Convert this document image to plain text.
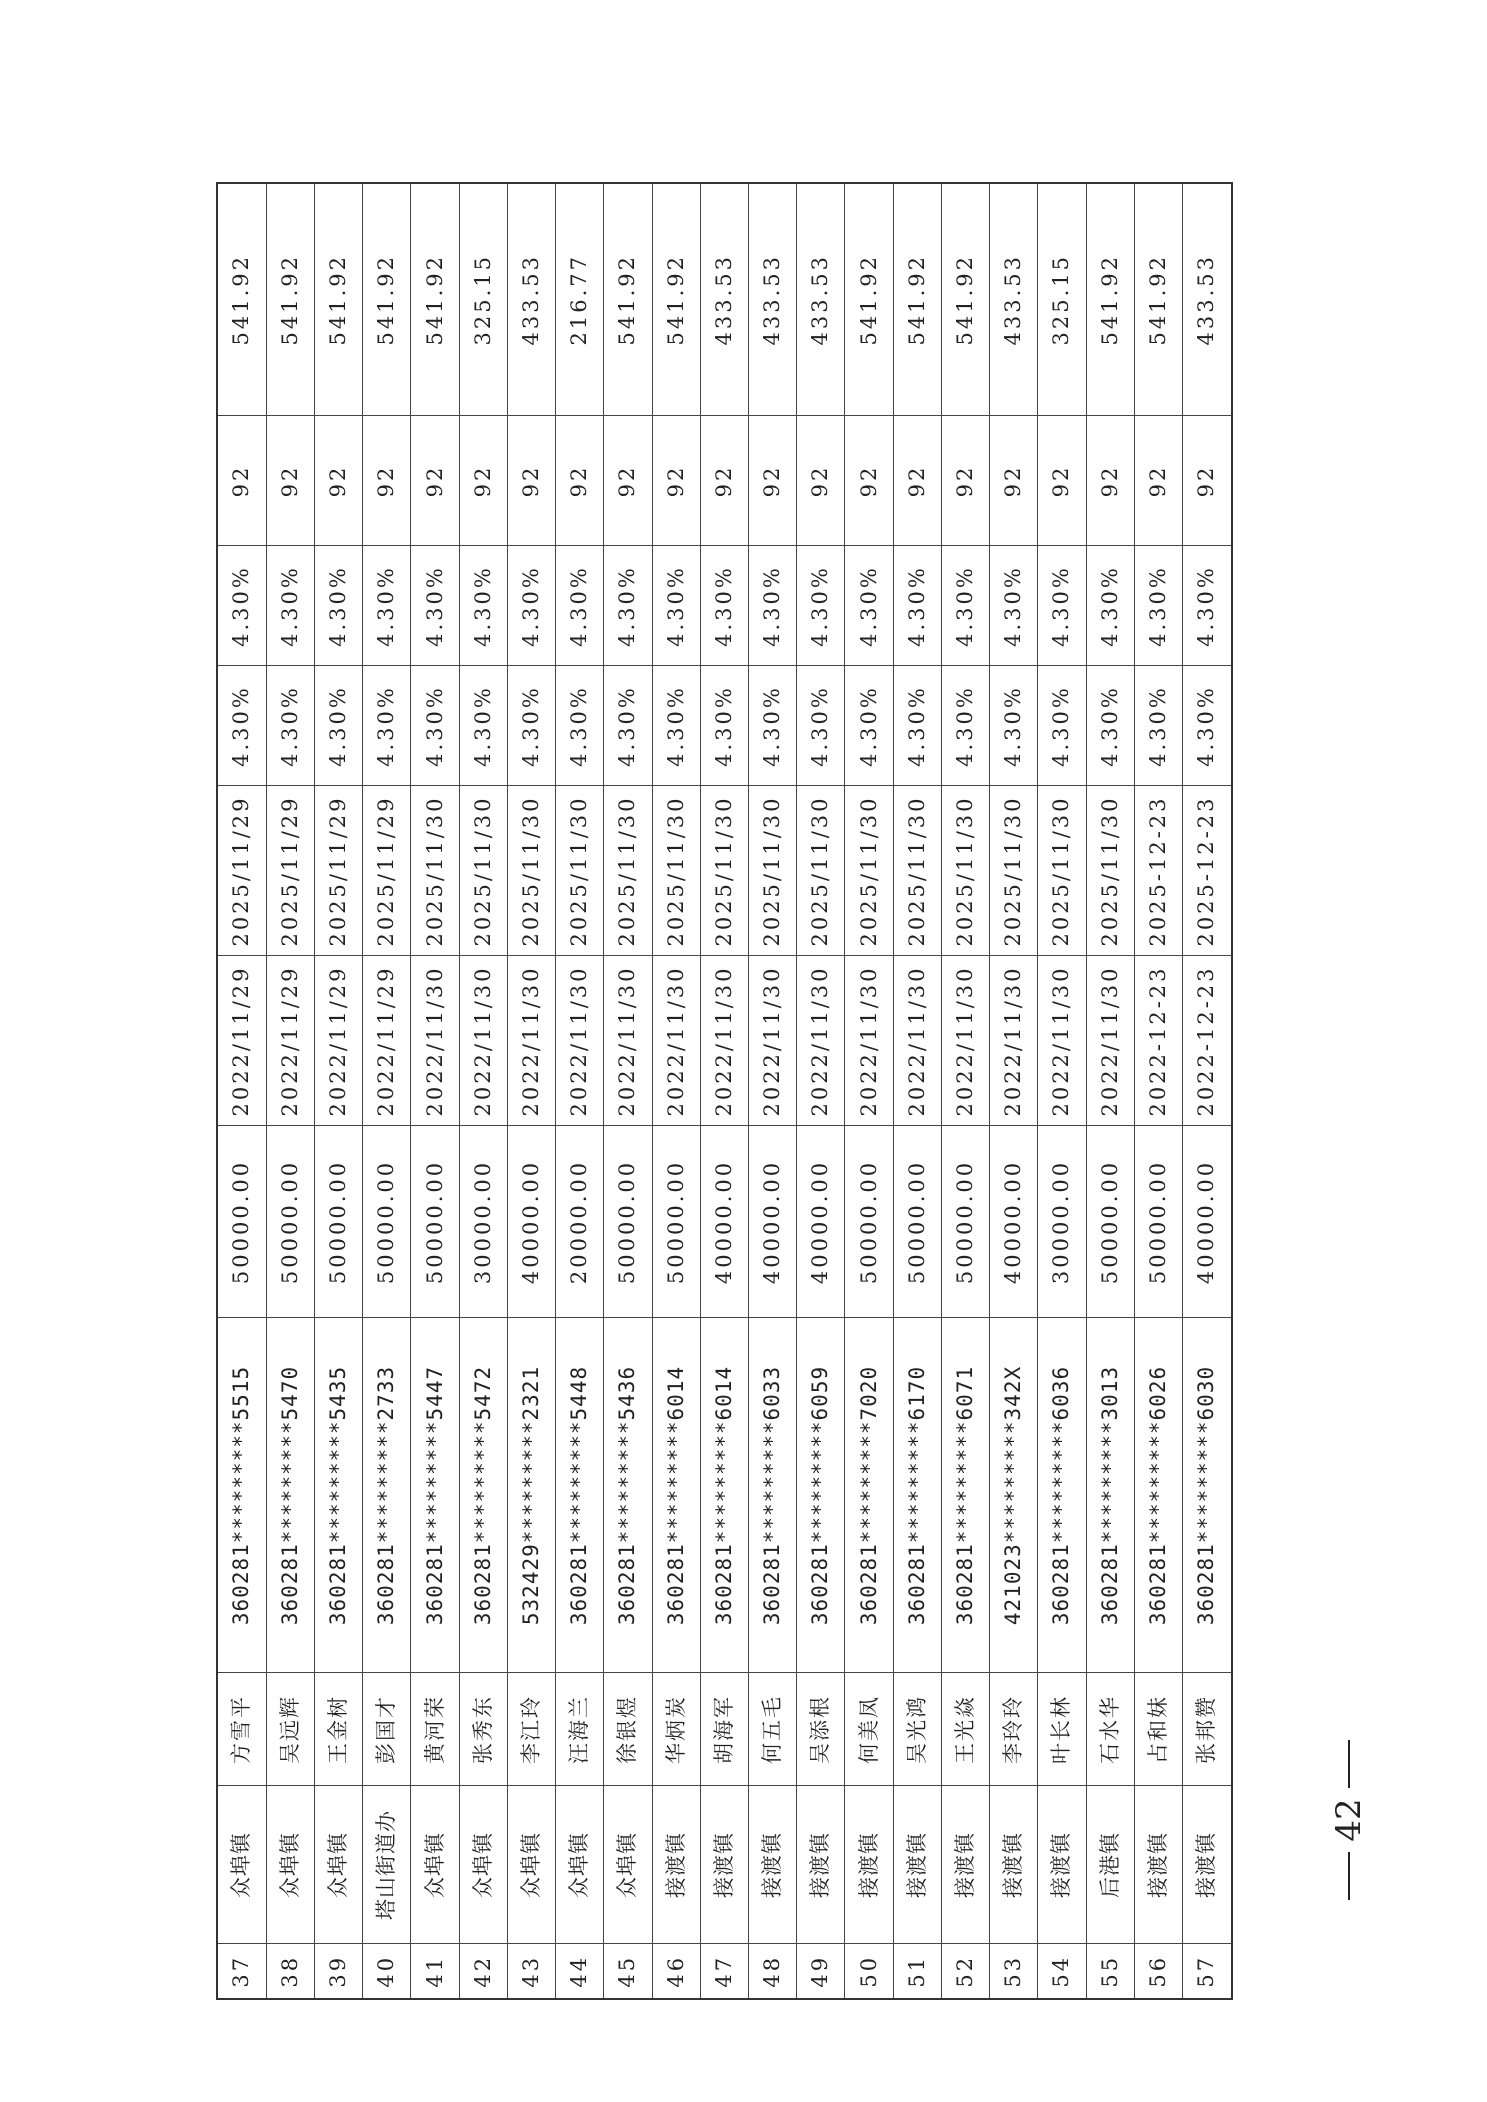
37	众埠镇	方雪平	360281*********5515	50000.00	2022/11/29	2025/11/29	4.30%	4.30%	92	541.92
38	众埠镇	吴远辉	360281*********5470	50000.00	2022/11/29	2025/11/29	4.30%	4.30%	92	541.92
39	众埠镇	王金树	360281*********5435	50000.00	2022/11/29	2025/11/29	4.30%	4.30%	92	541.92
40	塔山街道办	彭国才	360281*********2733	50000.00	2022/11/29	2025/11/29	4.30%	4.30%	92	541.92
41	众埠镇	黄河荣	360281*********5447	50000.00	2022/11/30	2025/11/30	4.30%	4.30%	92	541.92
42	众埠镇	张秀东	360281*********5472	30000.00	2022/11/30	2025/11/30	4.30%	4.30%	92	325.15
43	众埠镇	李江玲	532429*********2321	40000.00	2022/11/30	2025/11/30	4.30%	4.30%	92	433.53
44	众埠镇	汪海兰	360281*********5448	20000.00	2022/11/30	2025/11/30	4.30%	4.30%	92	216.77
45	众埠镇	徐银煜	360281*********5436	50000.00	2022/11/30	2025/11/30	4.30%	4.30%	92	541.92
46	接渡镇	华炳炭	360281*********6014	50000.00	2022/11/30	2025/11/30	4.30%	4.30%	92	541.92
47	接渡镇	胡海军	360281*********6014	40000.00	2022/11/30	2025/11/30	4.30%	4.30%	92	433.53
48	接渡镇	何五毛	360281*********6033	40000.00	2022/11/30	2025/11/30	4.30%	4.30%	92	433.53
49	接渡镇	吴添根	360281*********6059	40000.00	2022/11/30	2025/11/30	4.30%	4.30%	92	433.53
50	接渡镇	何美凤	360281*********7020	50000.00	2022/11/30	2025/11/30	4.30%	4.30%	92	541.92
51	接渡镇	吴光鸿	360281*********6170	50000.00	2022/11/30	2025/11/30	4.30%	4.30%	92	541.92
52	接渡镇	王光焱	360281*********6071	50000.00	2022/11/30	2025/11/30	4.30%	4.30%	92	541.92
53	接渡镇	李玲玲	421023*********342X	40000.00	2022/11/30	2025/11/30	4.30%	4.30%	92	433.53
54	接渡镇	叶长林	360281*********6036	30000.00	2022/11/30	2025/11/30	4.30%	4.30%	92	325.15
55	后港镇	石水华	360281*********3013	50000.00	2022/11/30	2025/11/30	4.30%	4.30%	92	541.92
56	接渡镇	占和妹	360281*********6026	50000.00	2022-12-23	2025-12-23	4.30%	4.30%	92	541.92
57	接渡镇	张邦赞	360281*********6030	40000.00	2022-12-23	2025-12-23	4.30%	4.30%	92	433.53
42
